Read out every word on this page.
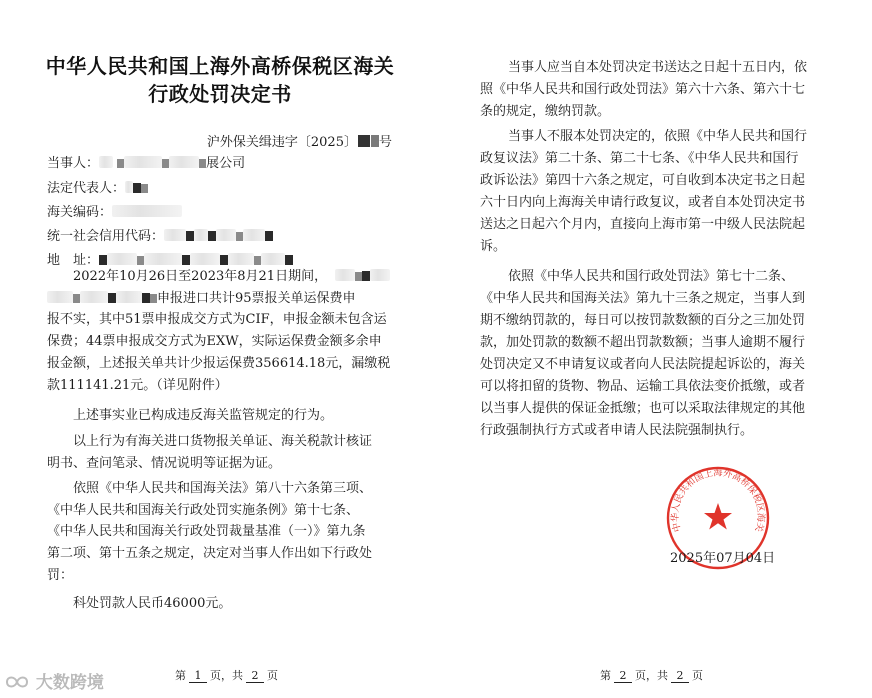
中华人民共和国上海外高桥保税区海关
行政处罚决定书
沪外保关缉违字〔2025〕 号
当事人：	展公司
法定代表人：
海关编码：
统一社会信用代码：
地　址：
2022年10月26日至2023年8月21日期间，
申报进口共计95票报关单运保费申
报不实，其中51票申报成交方式为CIF，申报金额未包含运
保费；44票申报成交方式为EXW，实际运保费金额多余申
报金额，上述报关单共计少报运保费356614.18元，漏缴税
款111141.21元。（详见附件）
上述事实业已构成违反海关监管规定的行为。
以上行为有海关进口货物报关单证、海关税款计核证
明书、查问笔录、情况说明等证据为证。
依照《中华人民共和国海关法》第八十六条第三项、
《中华人民共和国海关行政处罚实施条例》第十七条、
《中华人民共和国海关行政处罚裁量基准（一）》第九条
第二项、第十五条之规定，决定对当事人作出如下行政处
罚：
科处罚款人民币46000元。
第 1 页，共 2 页
当事人应当自本处罚决定书送达之日起十五日内，依
照《中华人民共和国行政处罚法》第六十六条、第六十七
条的规定，缴纳罚款。
当事人不服本处罚决定的，依照《中华人民共和国行
政复议法》第二十条、第二十七条、《中华人民共和国行
政诉讼法》第四十六条之规定，可自收到本决定书之日起
六十日内向上海海关申请行政复议，或者自本处罚决定书
送达之日起六个月内，直接向上海市第一中级人民法院起
诉。
依照《中华人民共和国行政处罚法》第七十二条、
《中华人民共和国海关法》第九十三条之规定，当事人到
期不缴纳罚款的，每日可以按罚款数额的百分之三加处罚
款，加处罚款的数额不超出罚款数额；当事人逾期不履行
处罚决定又不申请复议或者向人民法院提起诉讼的，海关
可以将扣留的货物、物品、运输工具依法变价抵缴，或者
以当事人提供的保证金抵缴；也可以采取法律规定的其他
行政强制执行方式或者申请人民法院强制执行。
中华人民共和国上海外高桥保税区海关
2025年07月04日
第 2 页，共 2 页
大数跨境
